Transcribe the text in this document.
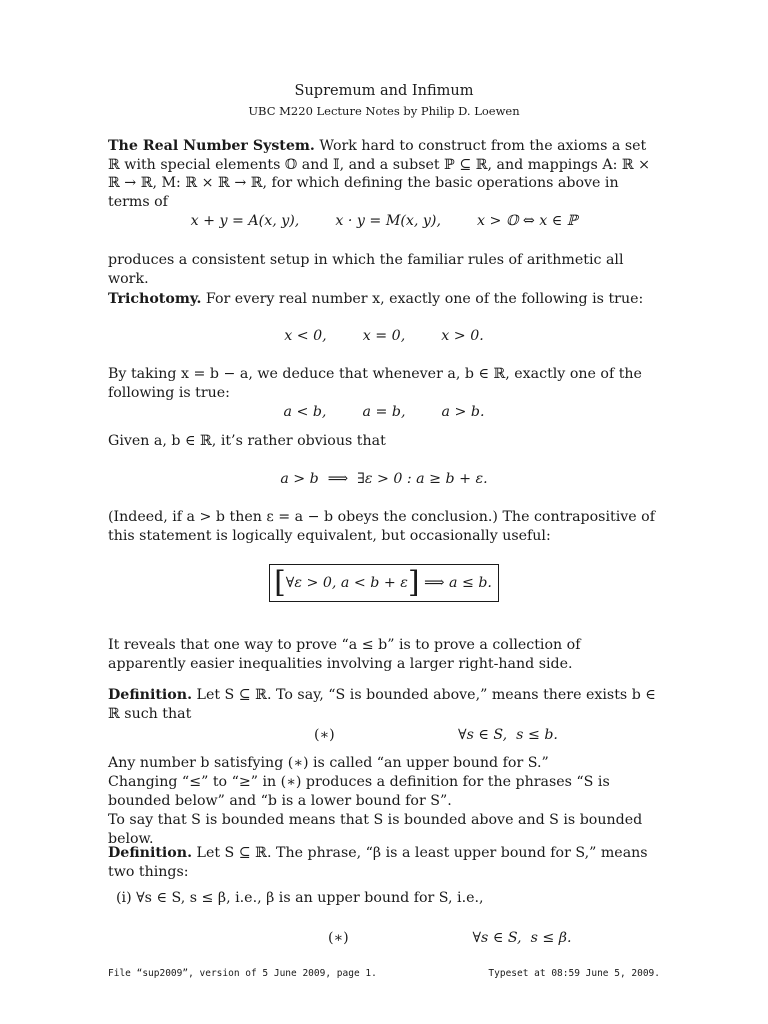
Supremum and Infimum
UBC M220 Lecture Notes by Philip D. Loewen

The Real Number System. Work hard to construct from the axioms a set ℝ with special elements 𝕆 and 𝕀, and a subset ℙ ⊆ ℝ, and mappings A: ℝ × ℝ → ℝ, M: ℝ × ℝ → ℝ, for which defining the basic operations above in terms of

x + y = A(x, y),        x · y = M(x, y),        x > 𝕆 ⇔ x ∈ ℙ

produces a consistent setup in which the familiar rules of arithmetic all work.

Trichotomy. For every real number x, exactly one of the following is true:

x < 0,        x = 0,        x > 0.

By taking x = b − a, we deduce that whenever a, b ∈ ℝ, exactly one of the following is true:

a < b,        a = b,        a > b.

Given a, b ∈ ℝ, it’s rather obvious that

a > b  ⟹  ∃ε > 0 : a ≥ b + ε.

(Indeed, if a > b then ε = a − b obeys the conclusion.) The contrapositive of this statement is logically equivalent, but occasionally useful:

[∀ε > 0, a < b + ε] ⟹ a ≤ b.

It reveals that one way to prove “a ≤ b” is to prove a collection of apparently easier inequalities involving a larger right-hand side.

Definition. Let S ⊆ ℝ. To say, “S is bounded above,” means there exists b ∈ ℝ such that

(∗)	∀s ∈ S,  s ≤ b.

Any number b satisfying (∗) is called “an upper bound for S.”

Changing “≤” to “≥” in (∗) produces a definition for the phrases “S is bounded below” and “b is a lower bound for S”.

To say that S is bounded means that S is bounded above and S is bounded below.

Definition. Let S ⊆ ℝ. The phrase, “β is a least upper bound for S,” means two things:

(i) ∀s ∈ S, s ≤ β, i.e., β is an upper bound for S, i.e.,

(∗)	∀s ∈ S,  s ≤ β.
File “sup2009”, version of 5 June 2009, page 1.	Typeset at 08:59 June 5, 2009.
